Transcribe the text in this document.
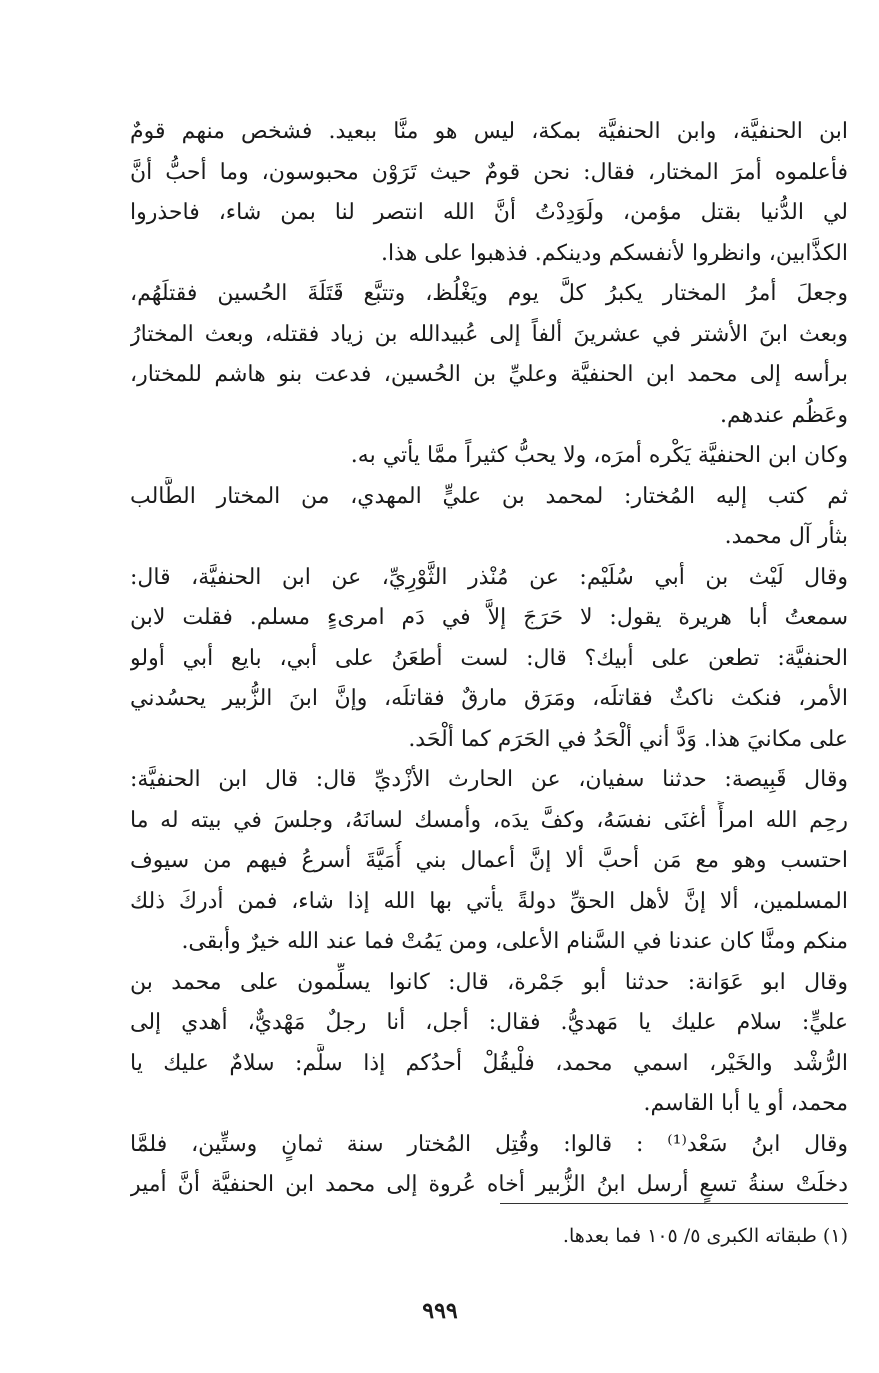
ابن الحنفيَّة، وابن الحنفيَّة بمكة، ليس هو منَّا ببعيد. فشخص منهم قومٌ
فأعلموه أمرَ المختار، فقال: نحن قومٌ حيث تَرَوْن محبوسون، وما أحبُّ أنَّ
لي الدُّنيا بقتل مؤمن، ولَوَدِدْتُ أنَّ الله انتصر لنا بمن شاء، فاحذروا
الكذَّابين، وانظروا لأنفسكم ودينكم. فذهبوا على هذا.
وجعلَ أمرُ المختار يكبرُ كلَّ يوم ويَغْلُظ، وتتبَّع قَتَلَةَ الحُسين فقتلَهُم،
وبعث ابنَ الأشتر في عشرينَ ألفاً إلى عُبيدالله بن زياد فقتله، وبعث المختارُ
برأسه إلى محمد ابن الحنفيَّة وعليِّ بن الحُسين، فدعت بنو هاشم للمختار،
وعَظُم عندهم.
وكان ابن الحنفيَّة يَكْره أمرَه، ولا يحبُّ كثيراً ممَّا يأتي به.
ثم كتب إليه المُختار: لمحمد بن عليٍّ المهدي، من المختار الطَّالب
بثأر آل محمد.
وقال لَيْث بن أبي سُلَيْم: عن مُنْذر الثَّوْرِيِّ، عن ابن الحنفيَّة، قال:
سمعتُ أبا هريرة يقول: لا حَرَجَ إلاَّ في دَم امرىءٍ مسلم. فقلت لابن
الحنفيَّة: تطعن على أبيك؟ قال: لست أطعَنُ على أبي، بايع أبي أولو
الأمر، فنكث ناكثٌ فقاتلَه، ومَرَق مارقٌ فقاتلَه، وإنَّ ابنَ الزُّبير يحسُدني
على مكانيَ هذا. وَدَّ أني ألْحَدُ في الحَرَم كما ألْحَد.
وقال قَبِيصة: حدثنا سفيان، عن الحارث الأزْديِّ قال: قال ابن الحنفيَّة:
رحِم الله امرأً أغنَى نفسَهُ، وكفَّ يدَه، وأمسك لسانَهُ، وجلسَ في بيته له ما
احتسب وهو مع مَن أحبَّ ألا إنَّ أعمال بني أُمَيَّةَ أسرعُ فيهم من سيوف
المسلمين، ألا إنَّ لأهل الحقِّ دولةً يأتي بها الله إذا شاء، فمن أدركَ ذلك
منكم ومنَّا كان عندنا في السَّنام الأعلى، ومن يَمُتْ فما عند الله خيرٌ وأبقى.
وقال ابو عَوَانة: حدثنا أبو جَمْرة، قال: كانوا يسلِّمون على محمد بن
عليٍّ: سلام عليك يا مَهديُّ. فقال: أجل، أنا رجلٌ مَهْديٌّ، أهدي إلى
الرُّشْد والخَيْر، اسمي محمد، فلْيقُلْ أحدُكم إذا سلَّم: سلامٌ عليك يا
محمد، أو يا أبا القاسم.
وقال ابنُ سَعْد⁽¹⁾ : قالوا: وقُتِل المُختار سنة ثمانٍ وستِّين، فلمَّا
دخلَتْ سنةُ تسعٍ أرسل ابنُ الزُّبير أخاه عُروة إلى محمد ابن الحنفيَّة أنَّ أمير
(١) طبقاته الكبرى ٥/ ١٠٥ فما بعدها.
٩٩٩
